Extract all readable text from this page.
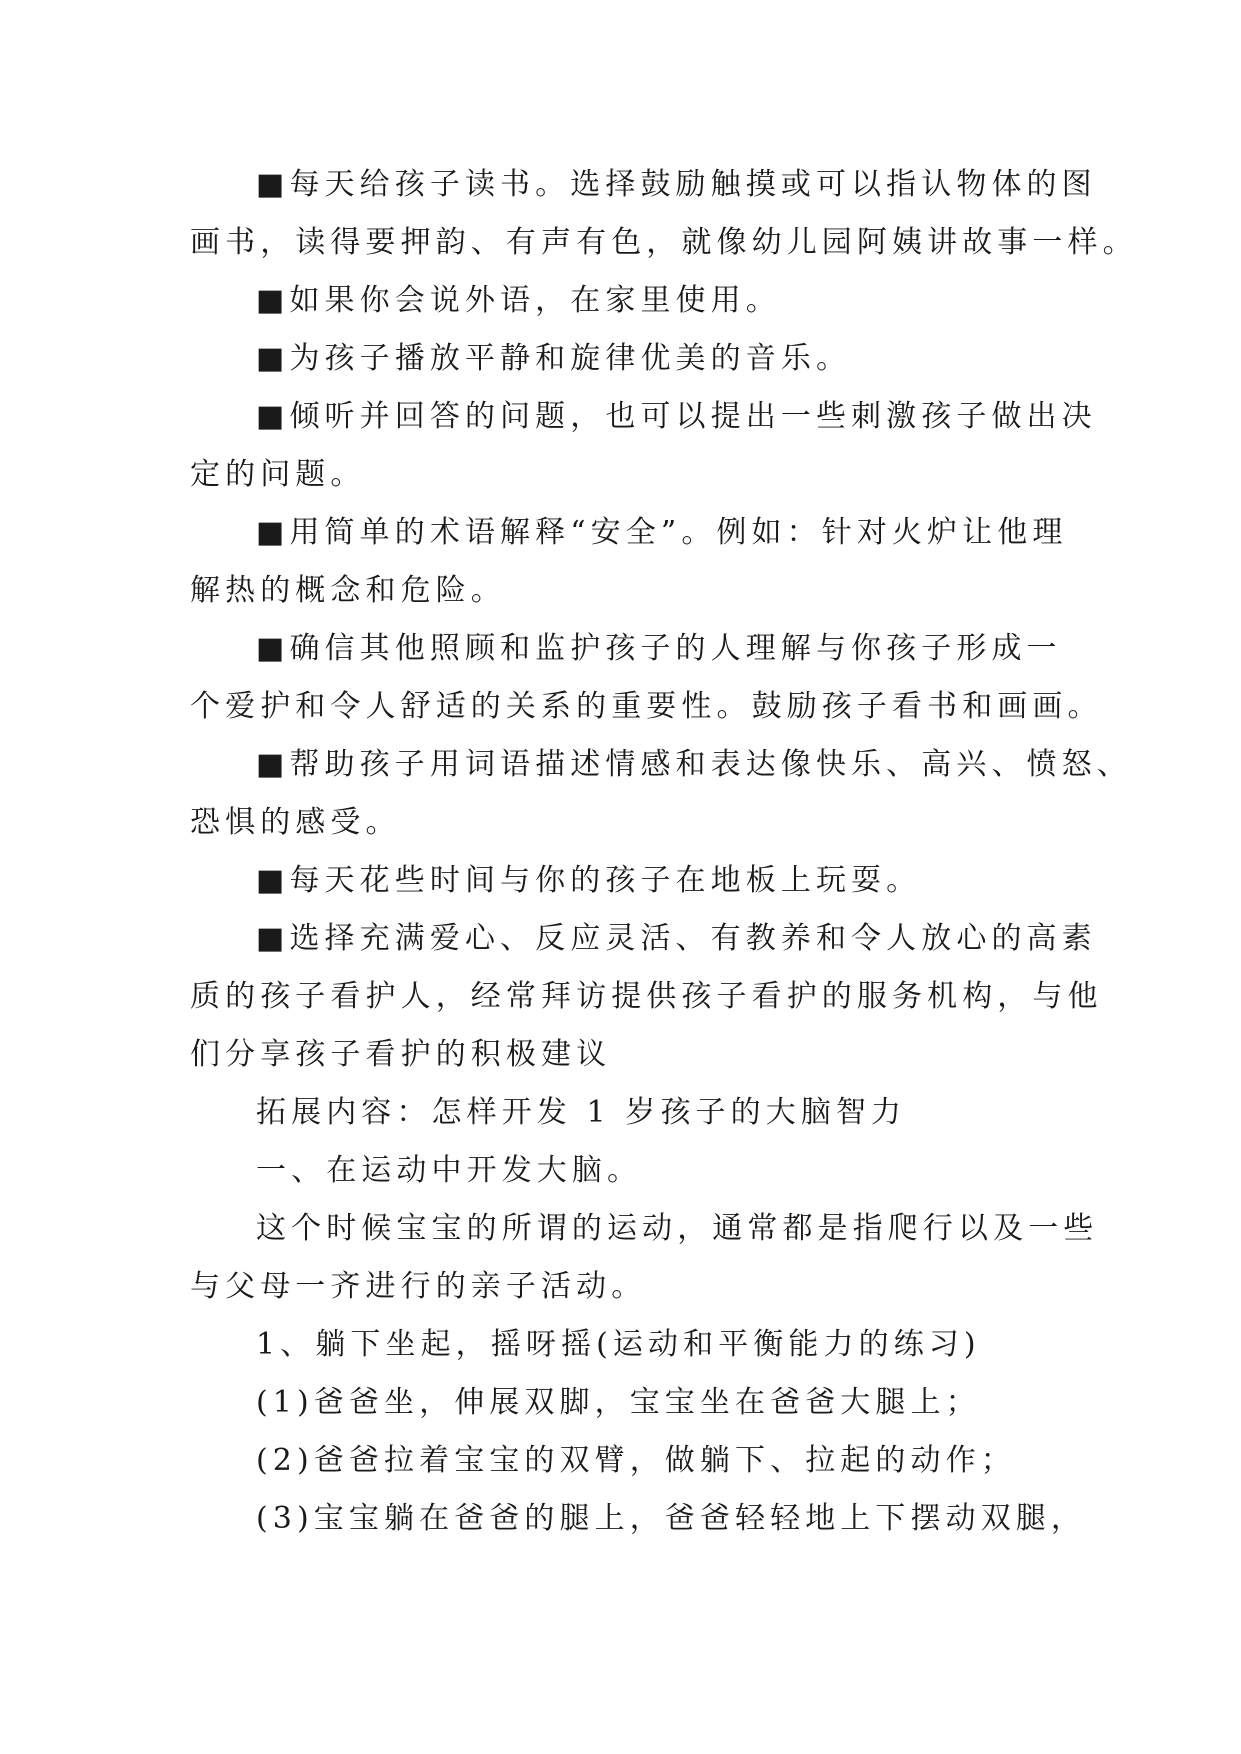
■每天给孩子读书。选择鼓励触摸或可以指认物体的图
画书，读得要押韵、有声有色，就像幼儿园阿姨讲故事一样。
■如果你会说外语，在家里使用。
■为孩子播放平静和旋律优美的音乐。
■倾听并回答的问题，也可以提出一些刺激孩子做出决
定的问题。
■用简单的术语解释“安全”。例如：针对火炉让他理
解热的概念和危险。
■确信其他照顾和监护孩子的人理解与你孩子形成一
个爱护和令人舒适的关系的重要性。鼓励孩子看书和画画。
■帮助孩子用词语描述情感和表达像快乐、高兴、愤怒、
恐惧的感受。
■每天花些时间与你的孩子在地板上玩耍。
■选择充满爱心、反应灵活、有教养和令人放心的高素
质的孩子看护人，经常拜访提供孩子看护的服务机构，与他
们分享孩子看护的积极建议
拓展内容：怎样开发 1 岁孩子的大脑智力
一、在运动中开发大脑。
这个时候宝宝的所谓的运动，通常都是指爬行以及一些
与父母一齐进行的亲子活动。
1、躺下坐起，摇呀摇(运动和平衡能力的练习)
(1)爸爸坐，伸展双脚，宝宝坐在爸爸大腿上；
(2)爸爸拉着宝宝的双臂，做躺下、拉起的动作；
(3)宝宝躺在爸爸的腿上，爸爸轻轻地上下摆动双腿，
